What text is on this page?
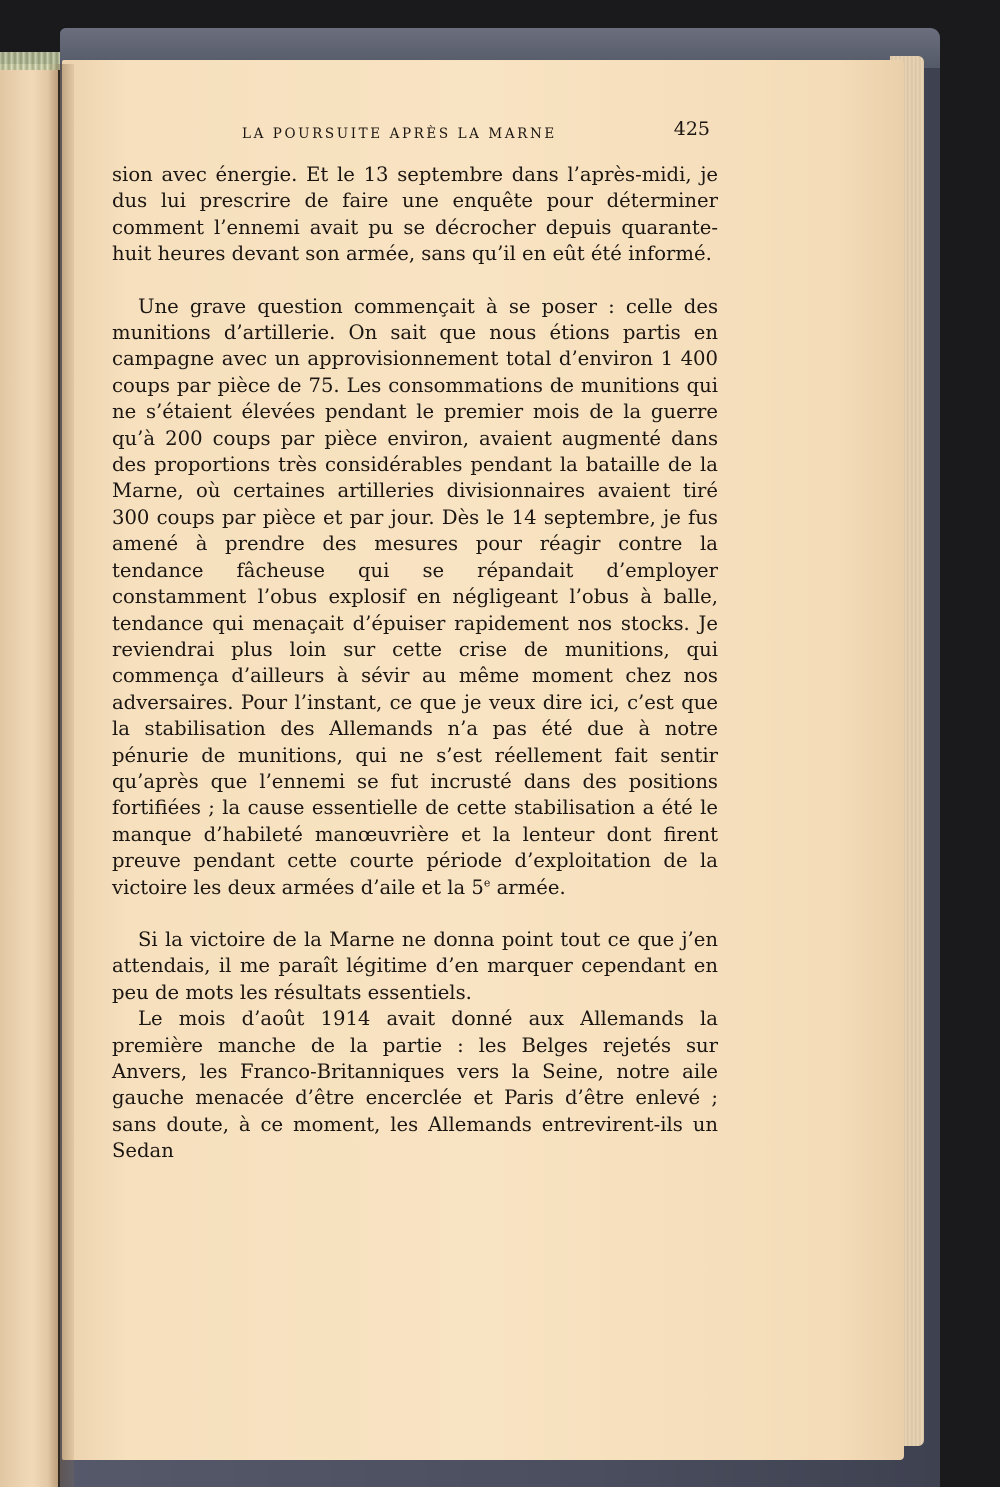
LA POURSUITE APRÈS LA MARNE	425

sion avec énergie. Et le 13 septembre dans l’après-midi, je dus lui prescrire de faire une enquête pour déterminer comment l’ennemi avait pu se décrocher depuis quarante-huit heures devant son armée, sans qu’il en eût été informé.

Une grave question commençait à se poser : celle des munitions d’artillerie. On sait que nous étions partis en campagne avec un approvisionnement total d’environ 1 400 coups par pièce de 75. Les consommations de munitions qui ne s’étaient élevées pendant le premier mois de la guerre qu’à 200 coups par pièce environ, avaient augmenté dans des proportions très considérables pendant la bataille de la Marne, où certaines artilleries divisionnaires avaient tiré 300 coups par pièce et par jour. Dès le 14 septembre, je fus amené à prendre des mesures pour réagir contre la tendance fâcheuse qui se répandait d’employer constamment l’obus explosif en négligeant l’obus à balle, tendance qui menaçait d’épuiser rapidement nos stocks. Je reviendrai plus loin sur cette crise de munitions, qui commença d’ailleurs à sévir au même moment chez nos adversaires. Pour l’instant, ce que je veux dire ici, c’est que la stabilisation des Allemands n’a pas été due à notre pénurie de munitions, qui ne s’est réellement fait sentir qu’après que l’ennemi se fut incrusté dans des positions fortifiées ; la cause essentielle de cette stabilisation a été le manque d’habileté manœuvrière et la lenteur dont firent preuve pendant cette courte période d’exploitation de la victoire les deux armées d’aile et la 5e armée.

Si la victoire de la Marne ne donna point tout ce que j’en attendais, il me paraît légitime d’en marquer cependant en peu de mots les résultats essentiels.

Le mois d’août 1914 avait donné aux Allemands la première manche de la partie : les Belges rejetés sur Anvers, les Franco-Britanniques vers la Seine, notre aile gauche menacée d’être encerclée et Paris d’être enlevé ; sans doute, à ce moment, les Allemands entrevirent-ils un Sedan
